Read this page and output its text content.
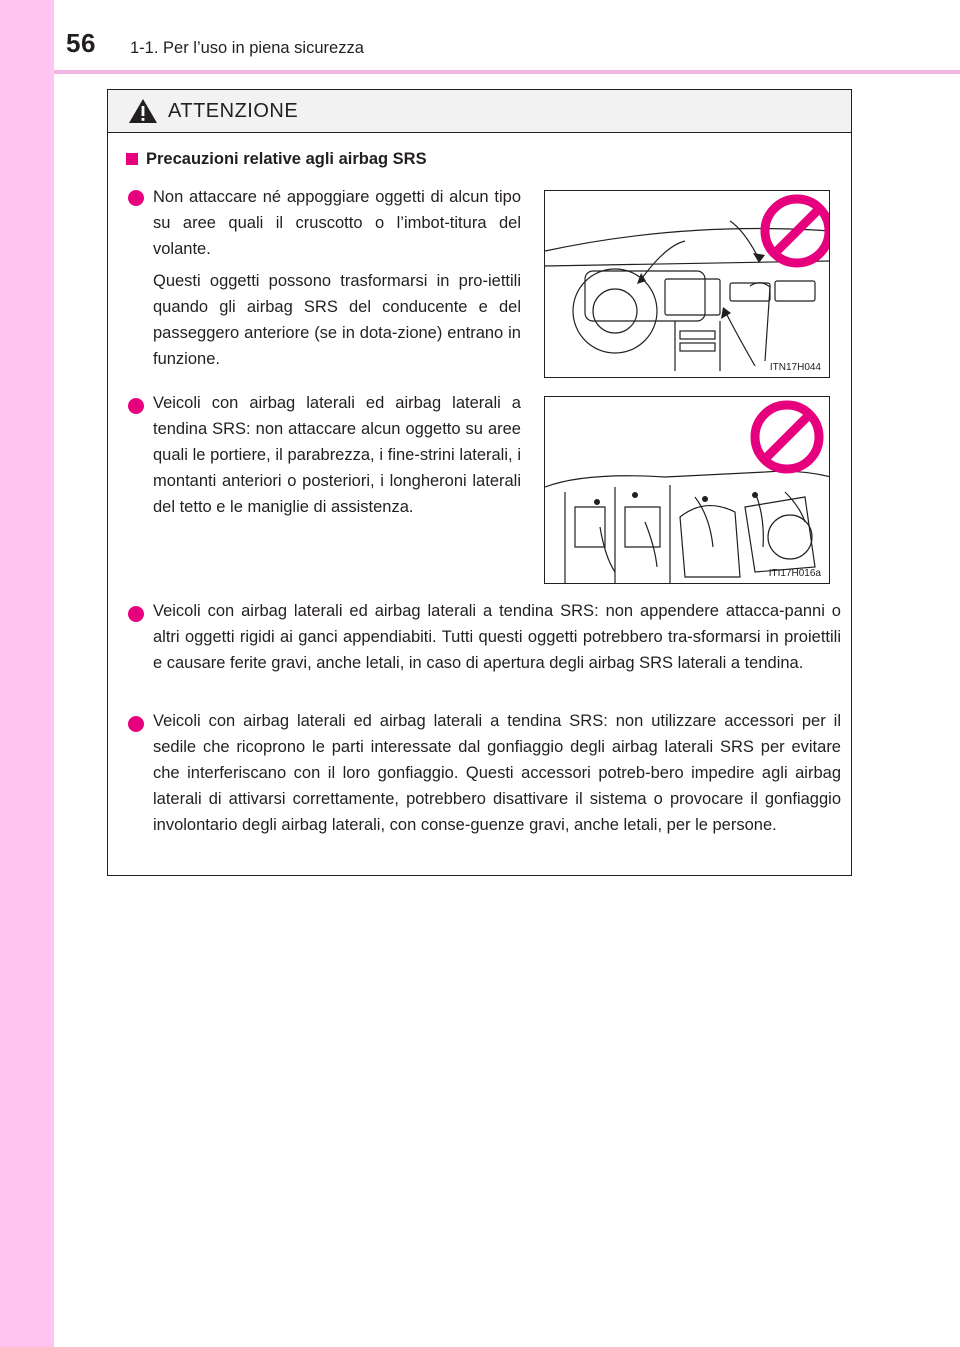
56 1-1. Per l’uso in piena sicurezza
ATTENZIONE
Precauzioni relative agli airbag SRS
Non attaccare né appoggiare oggetti di alcun tipo su aree quali il cruscotto o l’imbot-titura del volante.
Questi oggetti possono trasformarsi in pro-iettili quando gli airbag SRS del conducente e del passeggero anteriore (se in dota-zione) entrano in funzione.	ITN17H044
Veicoli con airbag laterali ed airbag laterali a tendina SRS: non attaccare alcun oggetto su aree quali le portiere, il parabrezza, i fine-strini laterali, i montanti anteriori o posteriori, i longheroni laterali del tetto e le maniglie di assistenza.
ITI17H016a
Veicoli con airbag laterali ed airbag laterali a tendina SRS: non appendere attacca-panni o altri oggetti rigidi ai ganci appendiabiti. Tutti questi oggetti potrebbero tra-sformarsi in proiettili e causare ferite gravi, anche letali, in caso di apertura degli airbag SRS laterali a tendina.
Veicoli con airbag laterali ed airbag laterali a tendina SRS: non utilizzare accessori per il sedile che ricoprono le parti interessate dal gonfiaggio degli airbag laterali SRS per evitare che interferiscano con il loro gonfiaggio. Questi accessori potreb-bero impedire agli airbag laterali di attivarsi correttamente, potrebbero disattivare il sistema o provocare il gonfiaggio involontario degli airbag laterali, con conse-guenze gravi, anche letali, per le persone.
